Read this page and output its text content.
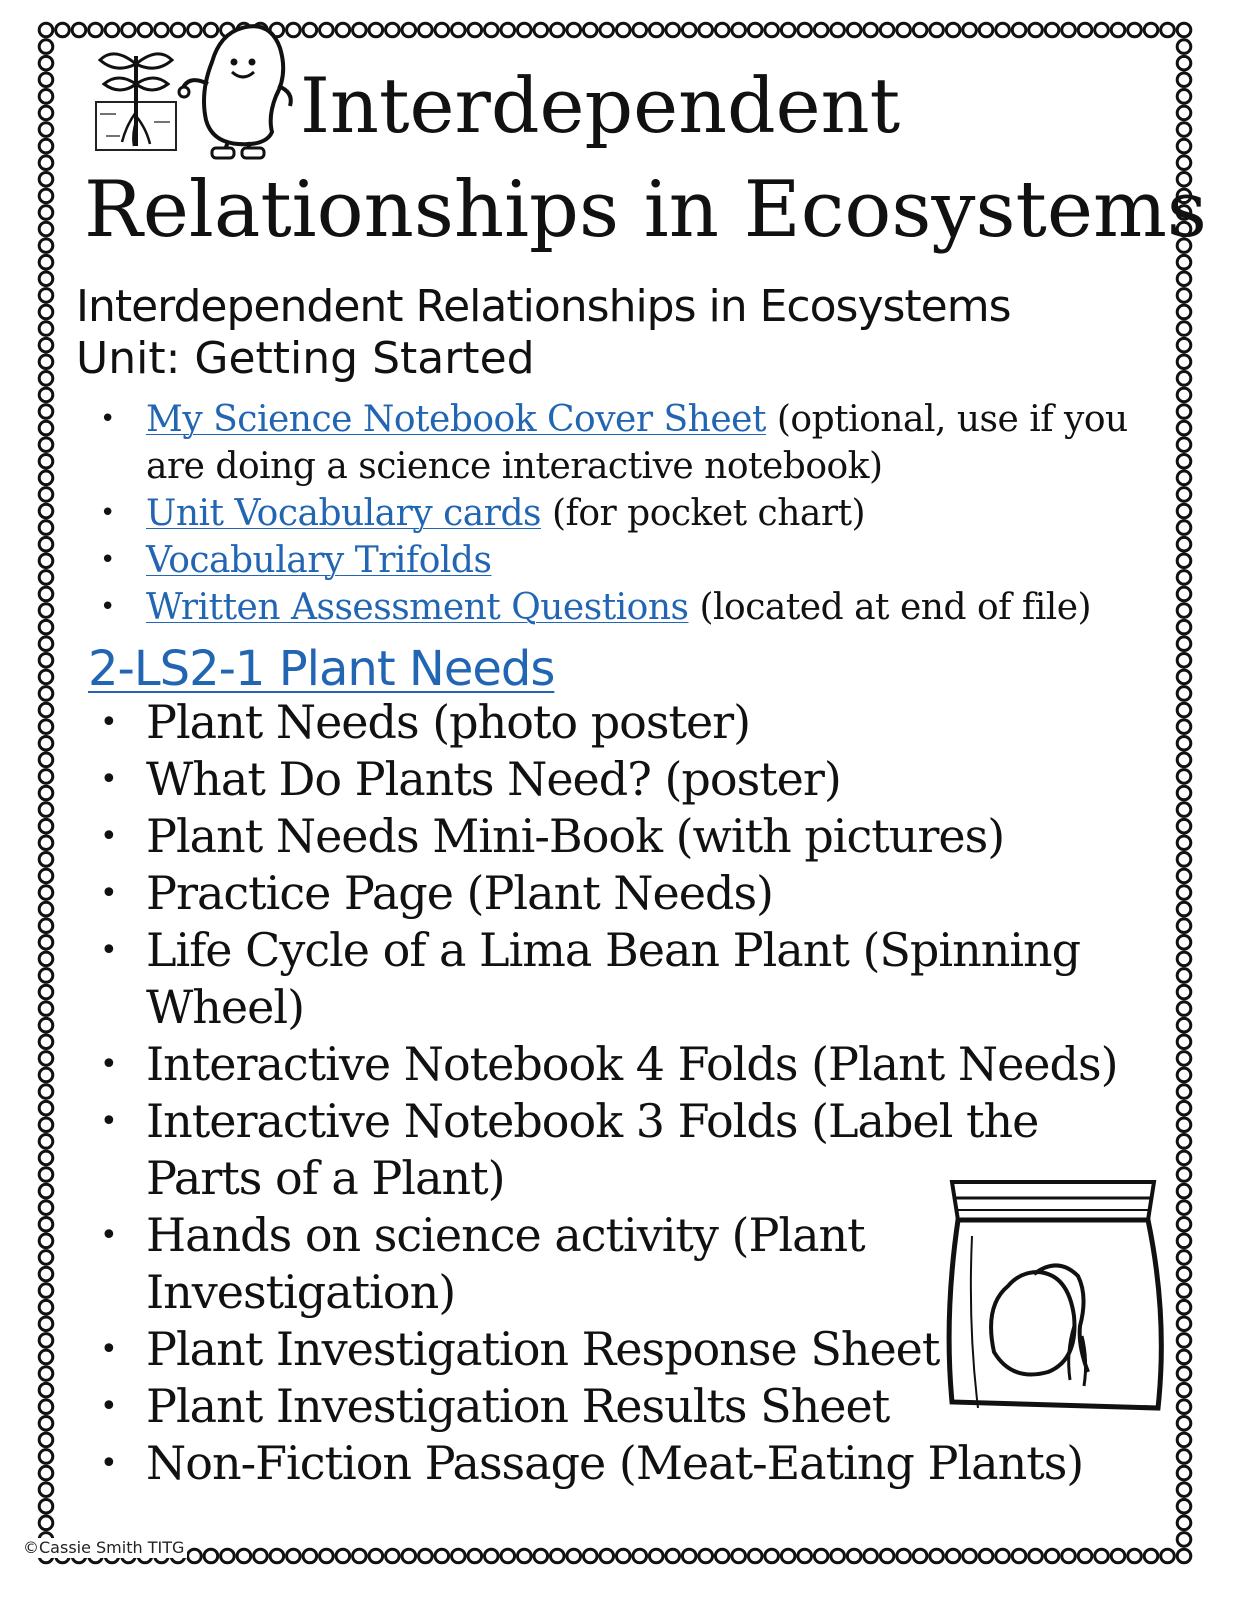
Interdependent
Relationships in Ecosystems
Interdependent Relationships in Ecosystems
Unit: Getting Started
• My Science Notebook Cover Sheet (optional, use if you are doing a science interactive notebook)
• Unit Vocabulary cards (for pocket chart)
• Vocabulary Trifolds
• Written Assessment Questions (located at end of file)
2-LS2-1 Plant Needs
• Plant Needs (photo poster)
• What Do Plants Need? (poster)
• Plant Needs Mini-Book (with pictures)
• Practice Page (Plant Needs)
• Life Cycle of a Lima Bean Plant (Spinning Wheel)
• Interactive Notebook 4 Folds (Plant Needs)
• Interactive Notebook 3 Folds (Label the Parts of a Plant)
• Hands on science activity (Plant Investigation)
• Plant Investigation Response Sheet
• Plant Investigation Results Sheet
• Non-Fiction Passage (Meat-Eating Plants)
©Cassie Smith TITG
